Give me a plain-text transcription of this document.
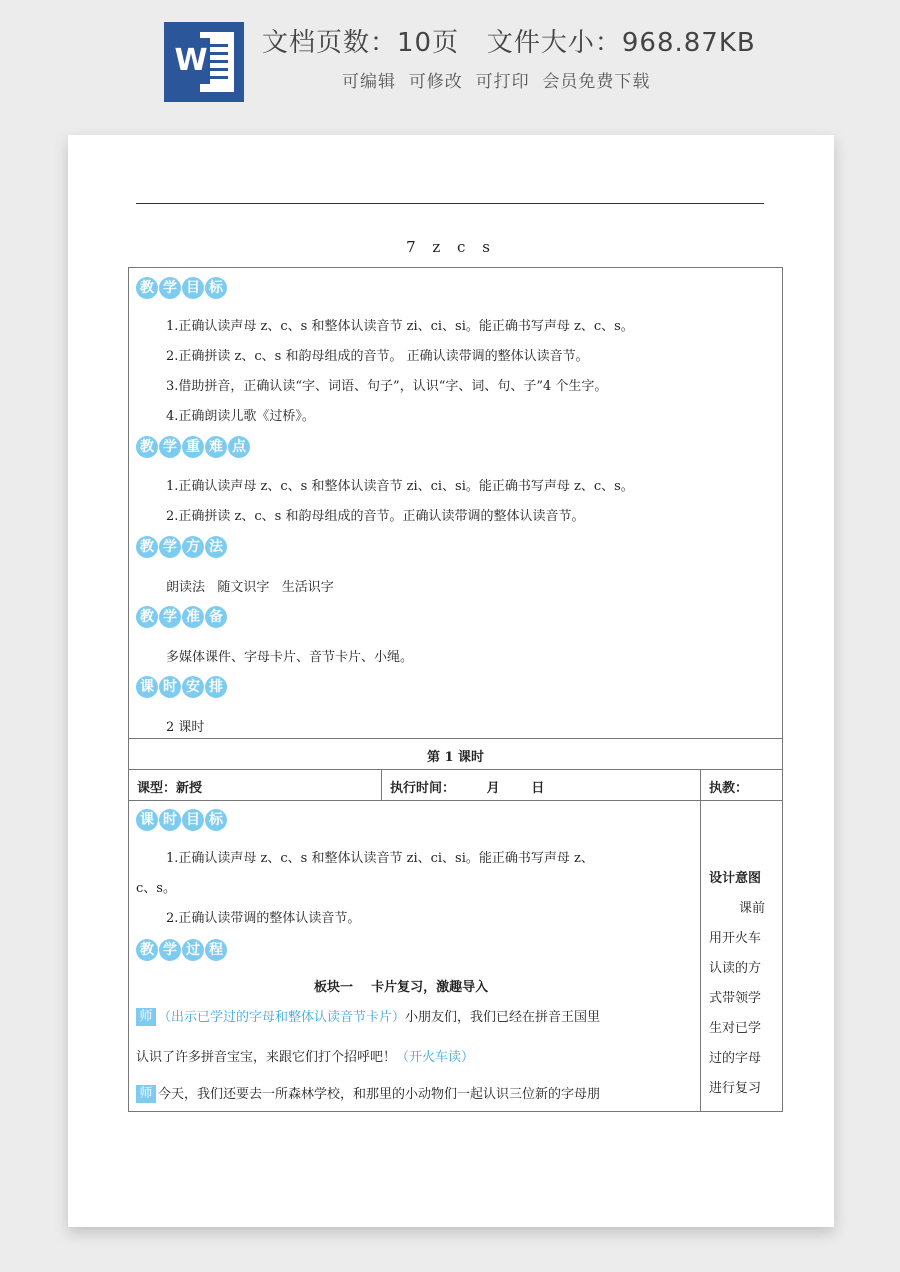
W 文档页数：10页   文件大小：968.87KB
可编辑  可修改  可打印  会员免费下载
7 z c s
教 学 目 标
1.正确认读声母 z、c、s 和整体认读音节 zi、ci、si。能正确书写声母 z、c、s。
2.正确拼读 z、c、s 和韵母组成的音节。 正确认读带调的整体认读音节。
3.借助拼音，正确认读“字、词语、句子”，认识“字、词、句、子”4 个生字。
4.正确朗读儿歌《过桥》。
教 学 重 难 点
1.正确认读声母 z、c、s 和整体认读音节 zi、ci、si。能正确书写声母 z、c、s。
2.正确拼读 z、c、s 和韵母组成的音节。正确认读带调的整体认读音节。
教 学 方 法
朗读法   随文识字   生活识字
教 学 准 备
多媒体课件、字母卡片、音节卡片、小绳。
课 时 安 排
2 课时
第 1 课时
课型：新授	执行时间：       月       日	执教：
课 时 目 标
1.正确认读声母 z、c、s 和整体认读音节 zi、ci、si。能正确书写声母 z、
c、s。
2.正确认读带调的整体认读音节。
教 学 过 程
板块一    卡片复习，激趣导入
师 （出示已学过的字母和整体认读音节卡片）小朋友们，我们已经在拼音王国里
认识了许多拼音宝宝，来跟它们打个招呼吧！（开火车读）
师 今天，我们还要去一所森林学校，和那里的小动物们一起认识三位新的字母朋
设计意图
课前
用开火车
认读的方
式带领学
生对已学
过的字母
进行复习
